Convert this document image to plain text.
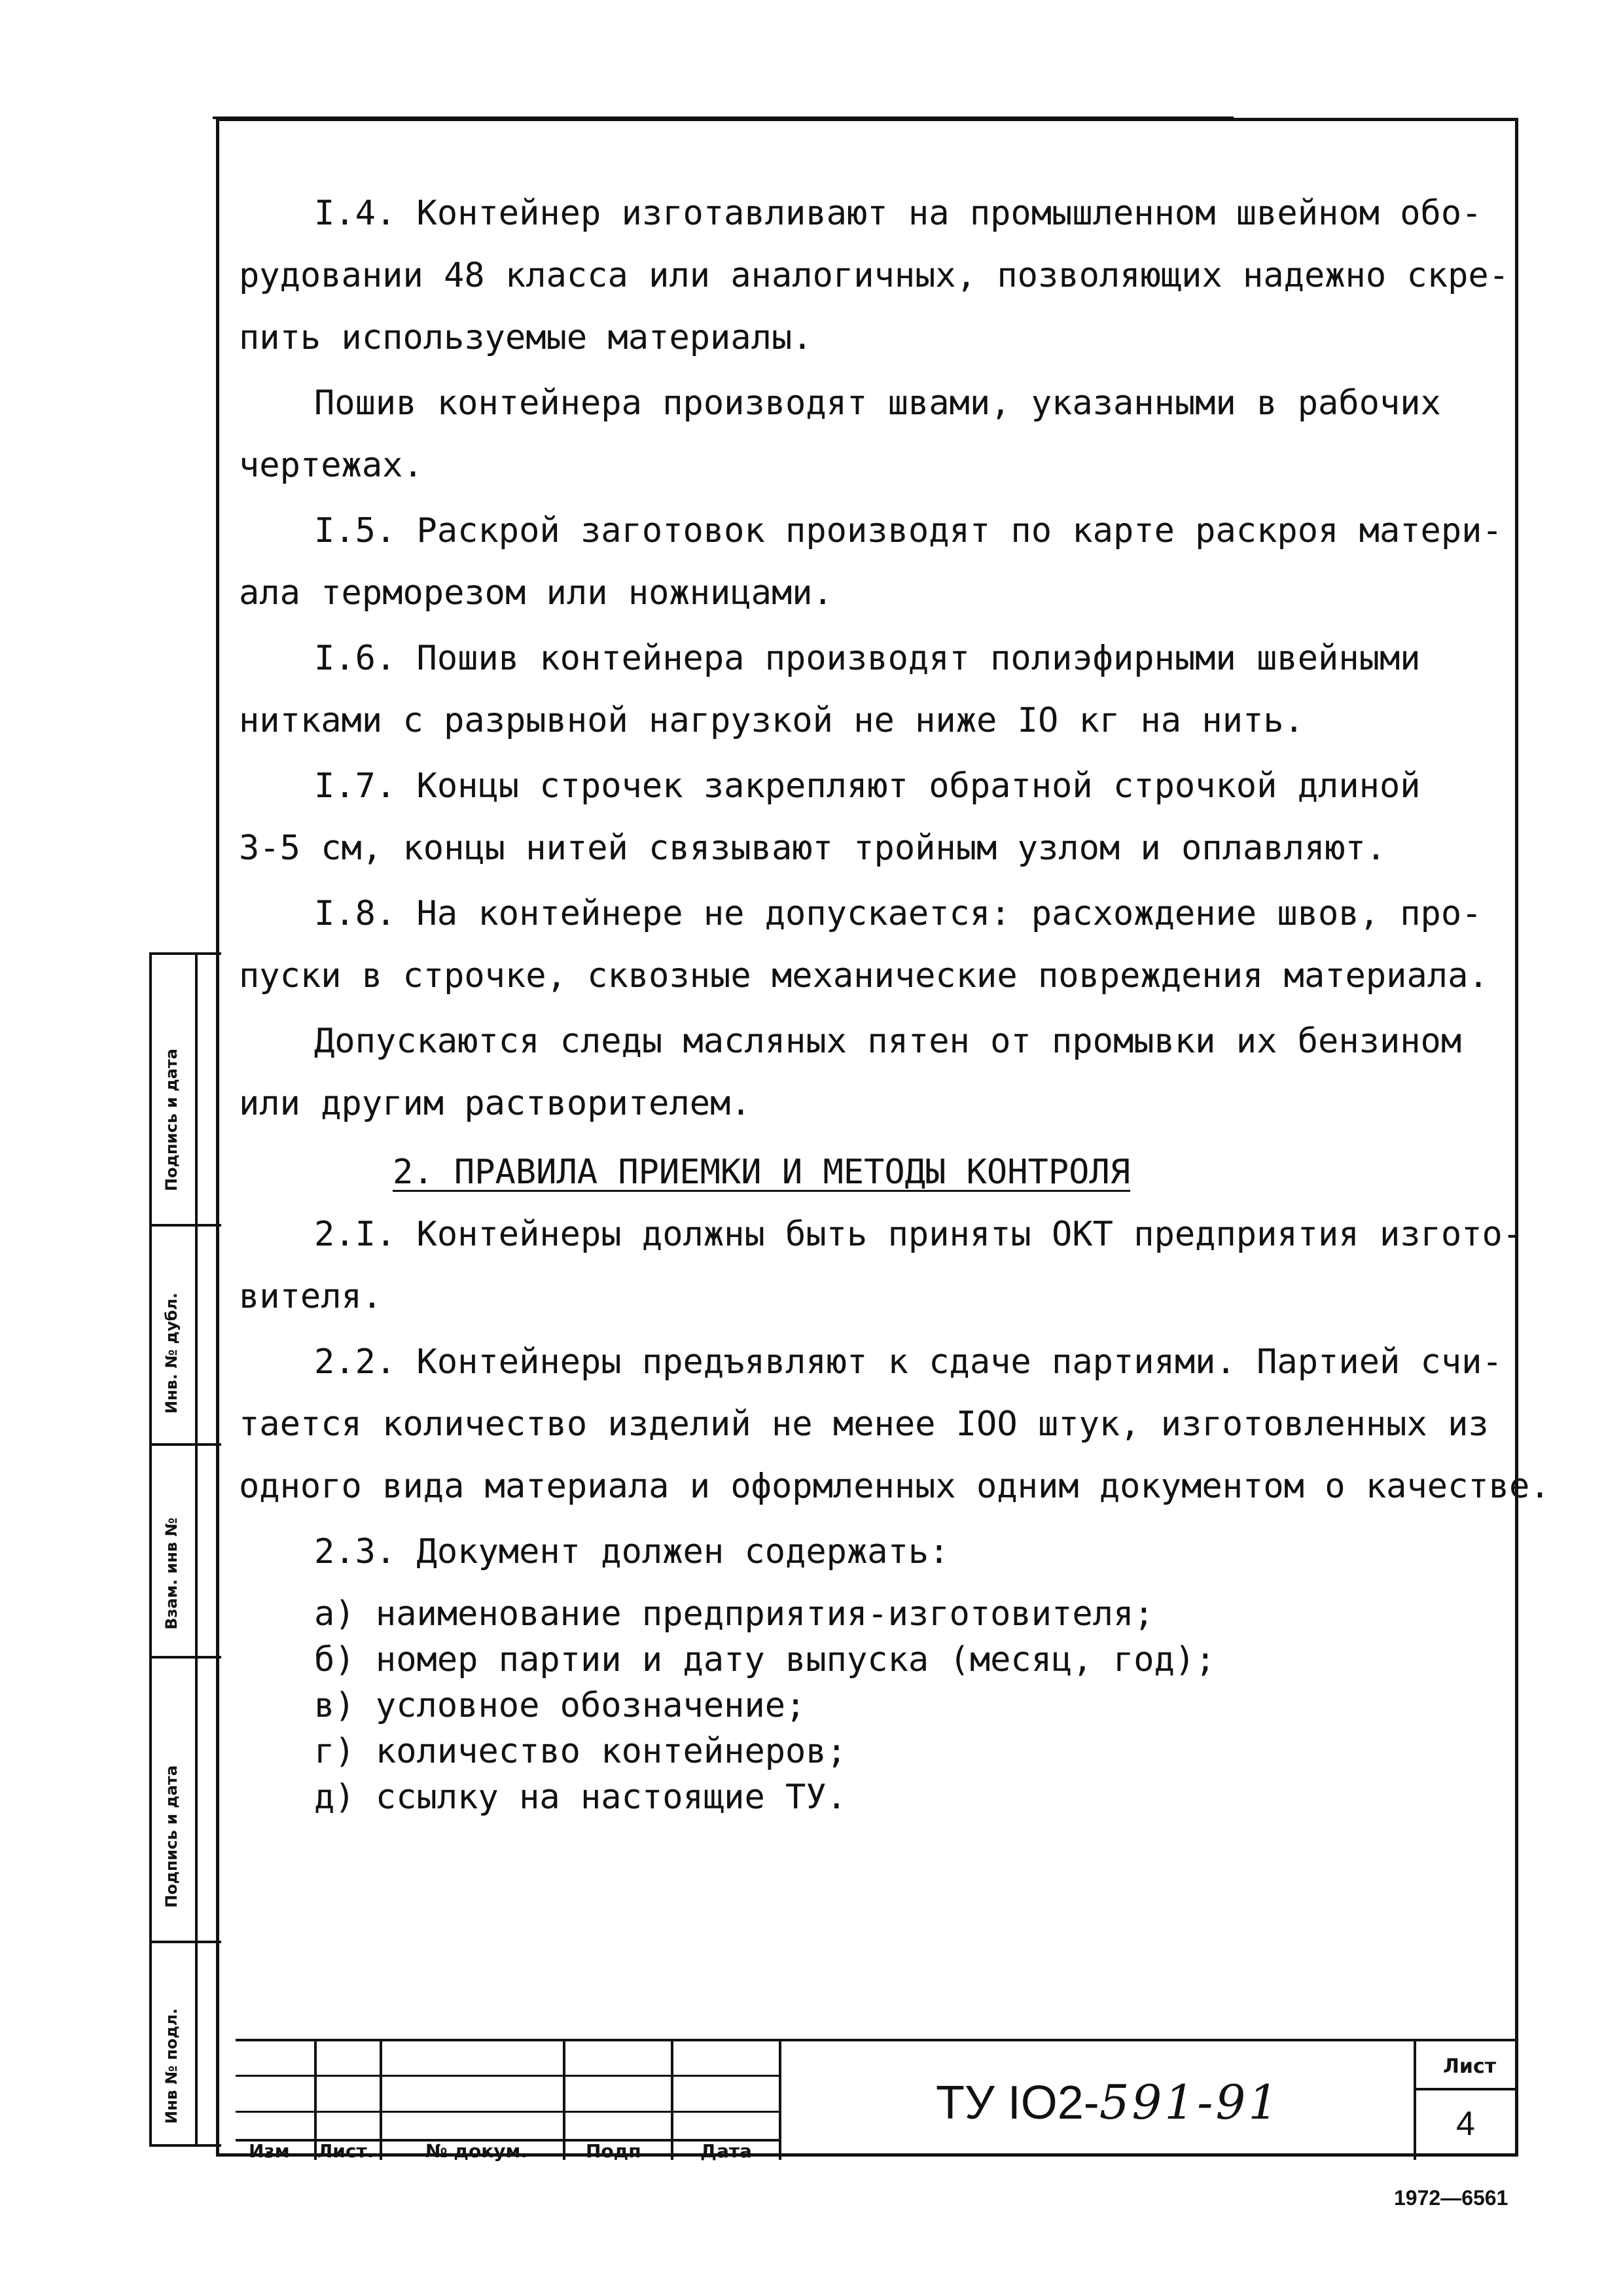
I.4. Контейнер изготавливают на промышленном швейном обо-
рудовании 48 класса или аналогичных, позволяющих надежно скре-
пить используемые материалы.
Пошив контейнера производят швами, указанными в рабочих
чертежах.
I.5. Раскрой заготовок производят по карте раскроя матери-
ала терморезом или ножницами.
I.6. Пошив контейнера производят полиэфирными швейными
нитками с разрывной нагрузкой не ниже IO кг на нить.
I.7. Концы строчек закрепляют обратной строчкой длиной
3-5 см, концы нитей связывают тройным узлом и оплавляют.
I.8. На контейнере не допускается: расхождение швов, про-
пуски в строчке, сквозные механические повреждения материала.
Допускаются следы масляных пятен от промывки их бензином
или другим растворителем.
2. ПРАВИЛА ПРИЕМКИ И МЕТОДЫ КОНТРОЛЯ
2.I. Контейнеры должны быть приняты ОКТ предприятия изгото-
вителя.
2.2. Контейнеры предъявляют к сдаче партиями. Партией счи-
тается количество изделий не менее IOO штук, изготовленных из
одного вида материала и оформленных одним документом о качестве.
2.3. Документ должен содержать:
а) наименование предприятия-изготовителя;
б) номер партии и дату выпуска (месяц, год);
в) условное обозначение;
г) количество контейнеров;
д) ссылку на настоящие ТУ.
Подпись и дата
Инв. № дубл.
Взам. инв №
Подпись и дата
Инв № подл.
Изм Лист.	№ докум.	Подп	Дата
ТУ IO2-591-91
Лист
4
1972—6561
